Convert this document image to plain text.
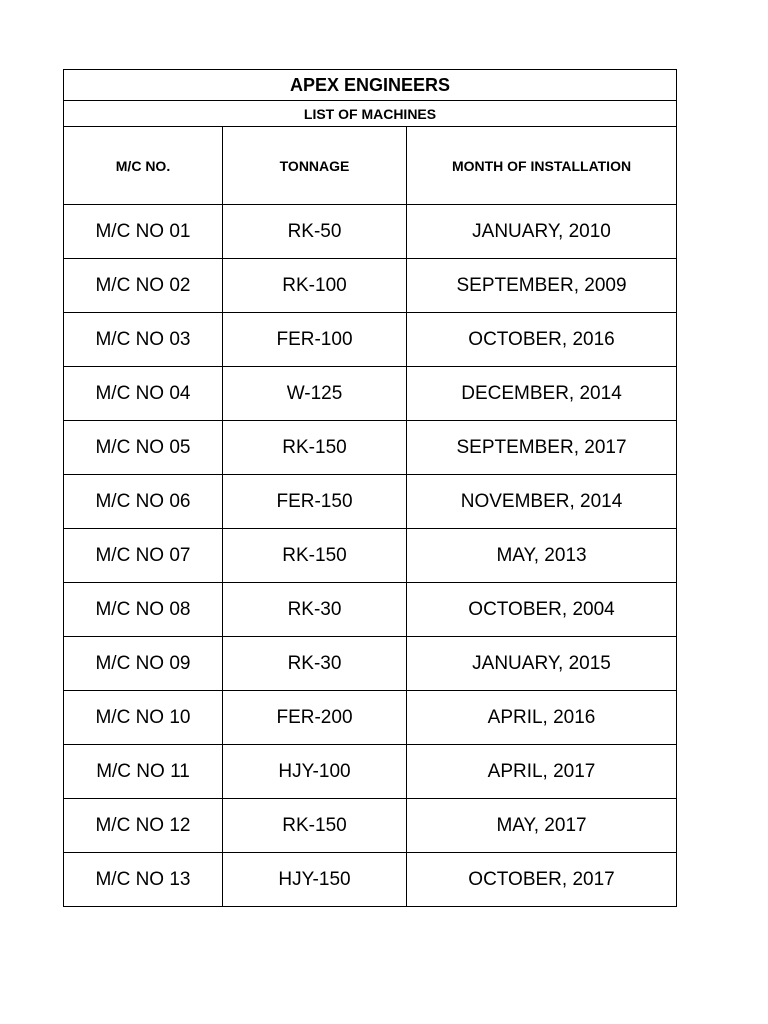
APEX ENGINEERS		
LIST OF MACHINES		
M/C NO.	TONNAGE	MONTH OF INSTALLATION
M/C NO 01	RK-50	JANUARY, 2010
M/C NO 02	RK-100	SEPTEMBER, 2009
M/C NO 03	FER-100	OCTOBER, 2016
M/C NO 04	W-125	DECEMBER, 2014
M/C NO 05	RK-150	SEPTEMBER, 2017
M/C NO 06	FER-150	NOVEMBER, 2014
M/C NO 07	RK-150	MAY, 2013
M/C NO 08	RK-30	OCTOBER, 2004
M/C NO 09	RK-30	JANUARY, 2015
M/C NO 10	FER-200	APRIL, 2016
M/C NO 11	HJY-100	APRIL, 2017
M/C NO 12	RK-150	MAY, 2017
M/C NO 13	HJY-150	OCTOBER, 2017
